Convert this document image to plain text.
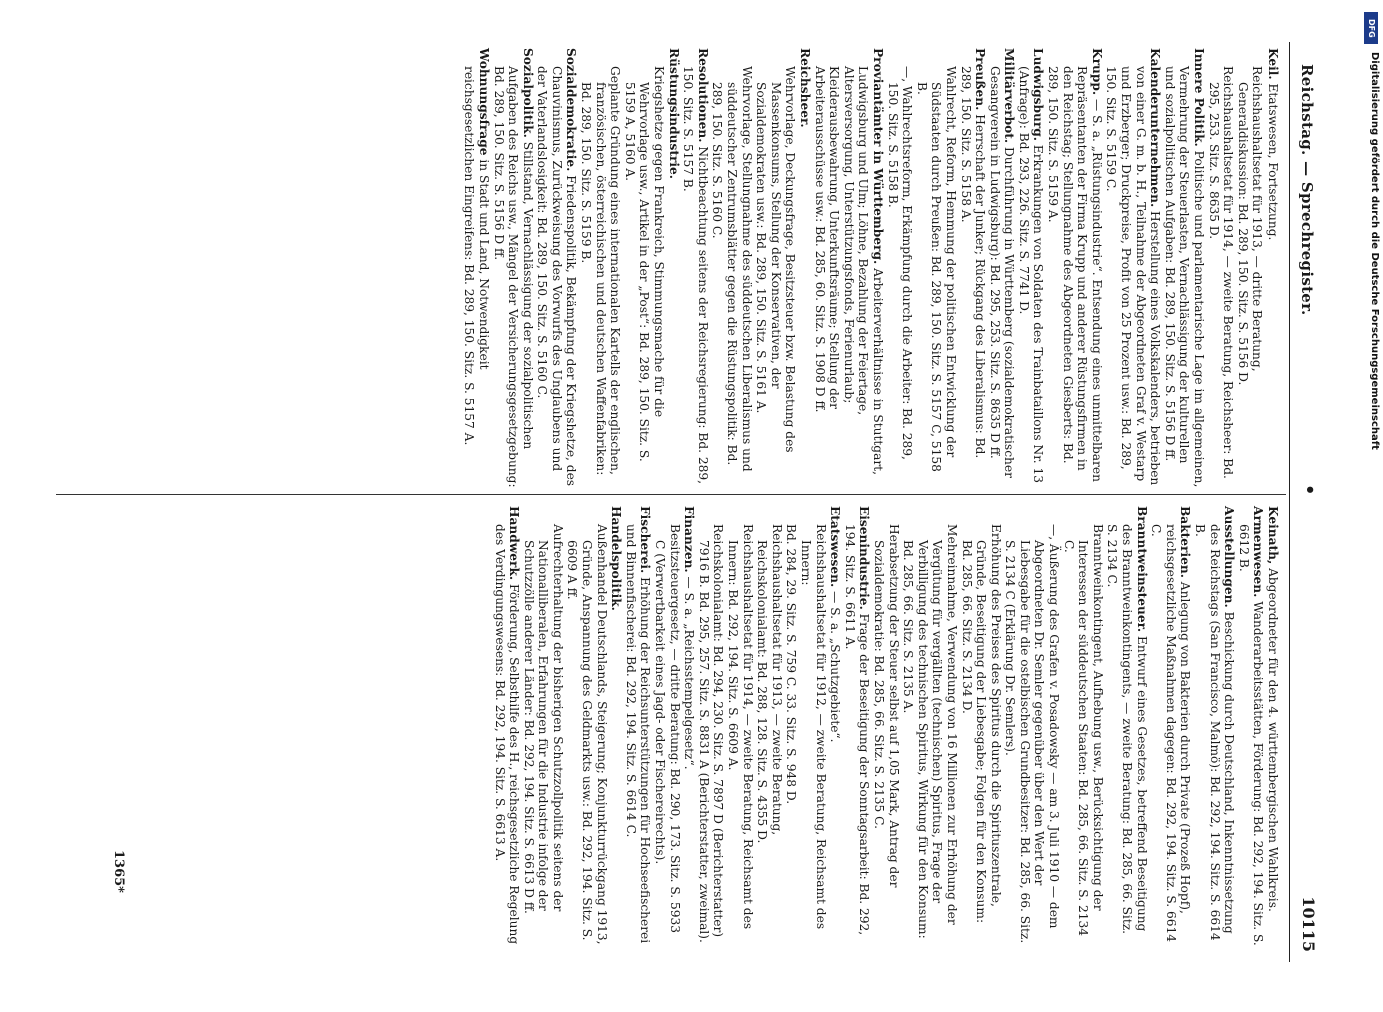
Reichstag. — Sprechregister.
•
10115
Keil. Etatswesen, Fortsetzung.
Reichshaushaltsetat für 1913, — dritte Beratung, Generaldiskussion: Bd. 289, 150. Sitz. S. 5156 D.
Reichshaushaltsetat für 1914, — zweite Beratung, Reichsheer: Bd. 295, 253. Sitz. S. 8635 D.
Innere Politik. Politische und parlamentarische Lage im allgemeinen, Vermehrung der Steuerlasten, Vernachlässigung der kulturellen und sozialpolitischen Aufgaben: Bd. 289, 150. Sitz. S. 5156 D ff.
Kalenderunternehmen. Herstellung eines Volkskalenders, betrieben von einer G. m. b. H., Teilnahme der Abgeordneten Graf v. Westarp und Erzberger; Druckpreise, Profit von 25 Prozent usw.: Bd. 289, 150. Sitz. S. 5159 C.
Krupp. — S. a. „Rüstungsindustrie“. Entsendung eines unmittelbaren Repräsentanten der Firma Krupp und anderer Rüstungsfirmen in den Reichstag; Stellungnahme des Abgeordneten Giesberts: Bd. 289, 150. Sitz. S. 5159 A.
Ludwigsburg. Erkrankungen von Soldaten des Trainbataillons Nr. 13 (Anfrage): Bd. 293, 226. Sitz. S. 7741 D.
Militärverbot. Durchführung in Württemberg (sozialdemokratischer Gesangverein in Ludwigsburg): Bd. 295, 253. Sitz. S. 8635 D ff.
Preußen. Herrschaft der Junker; Rückgang des Liberalismus: Bd. 289, 150. Sitz. S. 5158 A.
Wahlrecht, Reform, Hemmung der politischen Entwicklung der Südstaaten durch Preußen: Bd. 289, 150. Sitz. S. 5157 C, 5158 B.
—, Wahlrechtsreform, Erkämpfung durch die Arbeiter: Bd. 289, 150. Sitz. S. 5158 B.
Proviantämter in Württemberg. Arbeiterverhältnisse in Stuttgart, Ludwigsburg und Ulm; Löhne, Bezahlung der Feiertage, Altersversorgung, Unterstützungsfonds, Ferienurlaub; Kleiderausbewahrung, Unterkunftsräume; Stellung der Arbeiterausschüsse usw.: Bd. 285, 60. Sitz. S. 1908 D ff.
Reichsheer.
Wehrvorlage, Deckungsfrage, Besitzsteuer bzw. Belastung des Massenkonsums, Stellung der Konservativen, der Sozialdemokraten usw.: Bd. 289, 150. Sitz. S. 5161 A.
Wehrvorlage, Stellungnahme des süddeutschen Liberalismus und süddeutscher Zentrumsblätter gegen die Rüstungspolitik: Bd. 289, 150. Sitz. S. 5160 C.
Resolutionen. Nichtbeachtung seitens der Reichsregierung: Bd. 289, 150. Sitz. S. 5157 B.
Rüstungsindustrie.
Kriegshetze gegen Frankreich, Stimmungsmache für die Wehrvorlage usw., Artikel in der „Post“: Bd. 289, 150. Sitz. S. 5159 A, 5160 A.
Geplante Gründung eines internationalen Kartells der englischen, französischen, österreichischen und deutschen Waffenfabriken: Bd. 289, 150. Sitz. S. 5159 B.
Sozialdemokratie. Friedenspolitik, Bekämpfung der Kriegshetze, des Chauvinismus, Zurückweisung des Vorwurfs des Unglaubens und der Vaterlandslosigkeit: Bd. 289, 150. Sitz. S. 5160 C.
Sozialpolitik. Stillstand, Vernachlässigung der sozialpolitischen Aufgaben des Reichs usw., Mängel der Versicherungsgesetzgebung: Bd. 289, 150. Sitz. S. 5156 D ff.
Wohnungsfrage in Stadt und Land, Notwendigkeit reichsgesetzlichen Eingreifens: Bd. 289, 150. Sitz. S. 5157 A.
Keinath, Abgeordneter für den 4. württembergischen Wahlkreis.
Armenwesen. Wanderarbeitsstätten, Förderung: Bd. 292, 194. Sitz. S. 6612 B.
Ausstellungen. Beschickung durch Deutschland, Inkenntnissetzung des Reichstags (San Francisco, Malmö): Bd. 292, 194. Sitz. S. 6614 B.
Bakterien. Anlegung von Bakterien durch Private (Prozeß Hopf), reichsgesetzliche Maßnahmen dagegen: Bd. 292, 194. Sitz. S. 6614 C.
Branntweinsteuer. Entwurf eines Gesetzes, betreffend Beseitigung des Branntweinkontingents, — zweite Beratung: Bd. 285, 66. Sitz. S. 2134 C.
Branntweinkontingent, Aufhebung usw., Berücksichtigung der Interessen der süddeutschen Staaten: Bd. 285, 66. Sitz. S. 2134 C.
—, Äußerung des Grafen v. Posadowsky — am 3. Juli 1910 — dem Abgeordneten Dr. Semler gegenüber über den Wert der Liebesgabe für die ostelbischen Grundbesitzer: Bd. 285, 66. Sitz. S. 2134 C (Erklärung Dr. Semlers).
Erhöhung des Preises des Spiritus durch die Spirituszentrale, Gründe, Beseitigung der Liebesgabe; Folgen für den Konsum: Bd. 285, 66. Sitz. S. 2134 D.
Mehreinnahme, Verwendung von 16 Millionen zur Erhöhung der Vergütung für vergällten (technischen) Spiritus, Frage der Verbilligung des technischen Spiritus, Wirkung für den Konsum: Bd. 285, 66. Sitz. S. 2135 A.
Herabsetzung der Steuer selbst auf 1,05 Mark, Antrag der Sozialdemokratie: Bd. 285, 66. Sitz. S. 2135 C.
Eisenindustrie. Frage der Beseitigung der Sonntagsarbeit: Bd. 292, 194. Sitz. S. 6611 A.
Etatswesen. — S. a. „Schutzgebiete“.
Reichshaushaltsetat für 1912, — zweite Beratung, Reichsamt des Innern:
Bd. 284, 29. Sitz. S. 759 C. 33. Sitz. S. 948 D.
Reichshaushaltsetat für 1913, — zweite Beratung, Reichskolonialamt: Bd. 288, 128. Sitz. S. 4355 D.
Reichshaushaltsetat für 1914, — zweite Beratung, Reichsamt des Innern: Bd. 292, 194. Sitz. S. 6609 A.
Reichskolonialamt: Bd. 294, 230. Sitz. S. 7897 D (Berichterstatter) 7916 B. Bd. 295, 257. Sitz. S. 8831 A (Berichterstatter, zweimal).
Finanzen. — S. a. „Reichsstempelgesetz“.
Besitzsteuergesetz, — dritte Beratung: Bd. 290, 173. Sitz. S. 5933 C (Verwertbarkeit eines Jagd- oder Fischereirechts).
Fischerei. Erhöhung der Reichsunterstützungen für Hochseefischerei und Binnenfischerei: Bd. 292, 194. Sitz. S. 6614 C.
Handelspolitik.
Außenhandel Deutschlands, Steigerung; Konjunkturrückgang 1913, Gründe, Anspannung des Geldmarkts usw.: Bd. 292, 194. Sitz. S. 6609 A ff.
Aufrechterhaltung der bisherigen Schutzzollpolitik seitens der Nationalliberalen, Erfahrungen für die Industrie infolge der Schutzzölle anderer Länder: Bd. 292, 194. Sitz. S. 6613 D ff.
Handwerk. Förderung, Selbsthilfe des H., reichsgesetzliche Regelung des Verdingungswesens: Bd. 292, 194. Sitz. S. 6613 A.
1365*
DFG
Digitalisierung gefördert durch die Deutsche Forschungsgemeinschaft
